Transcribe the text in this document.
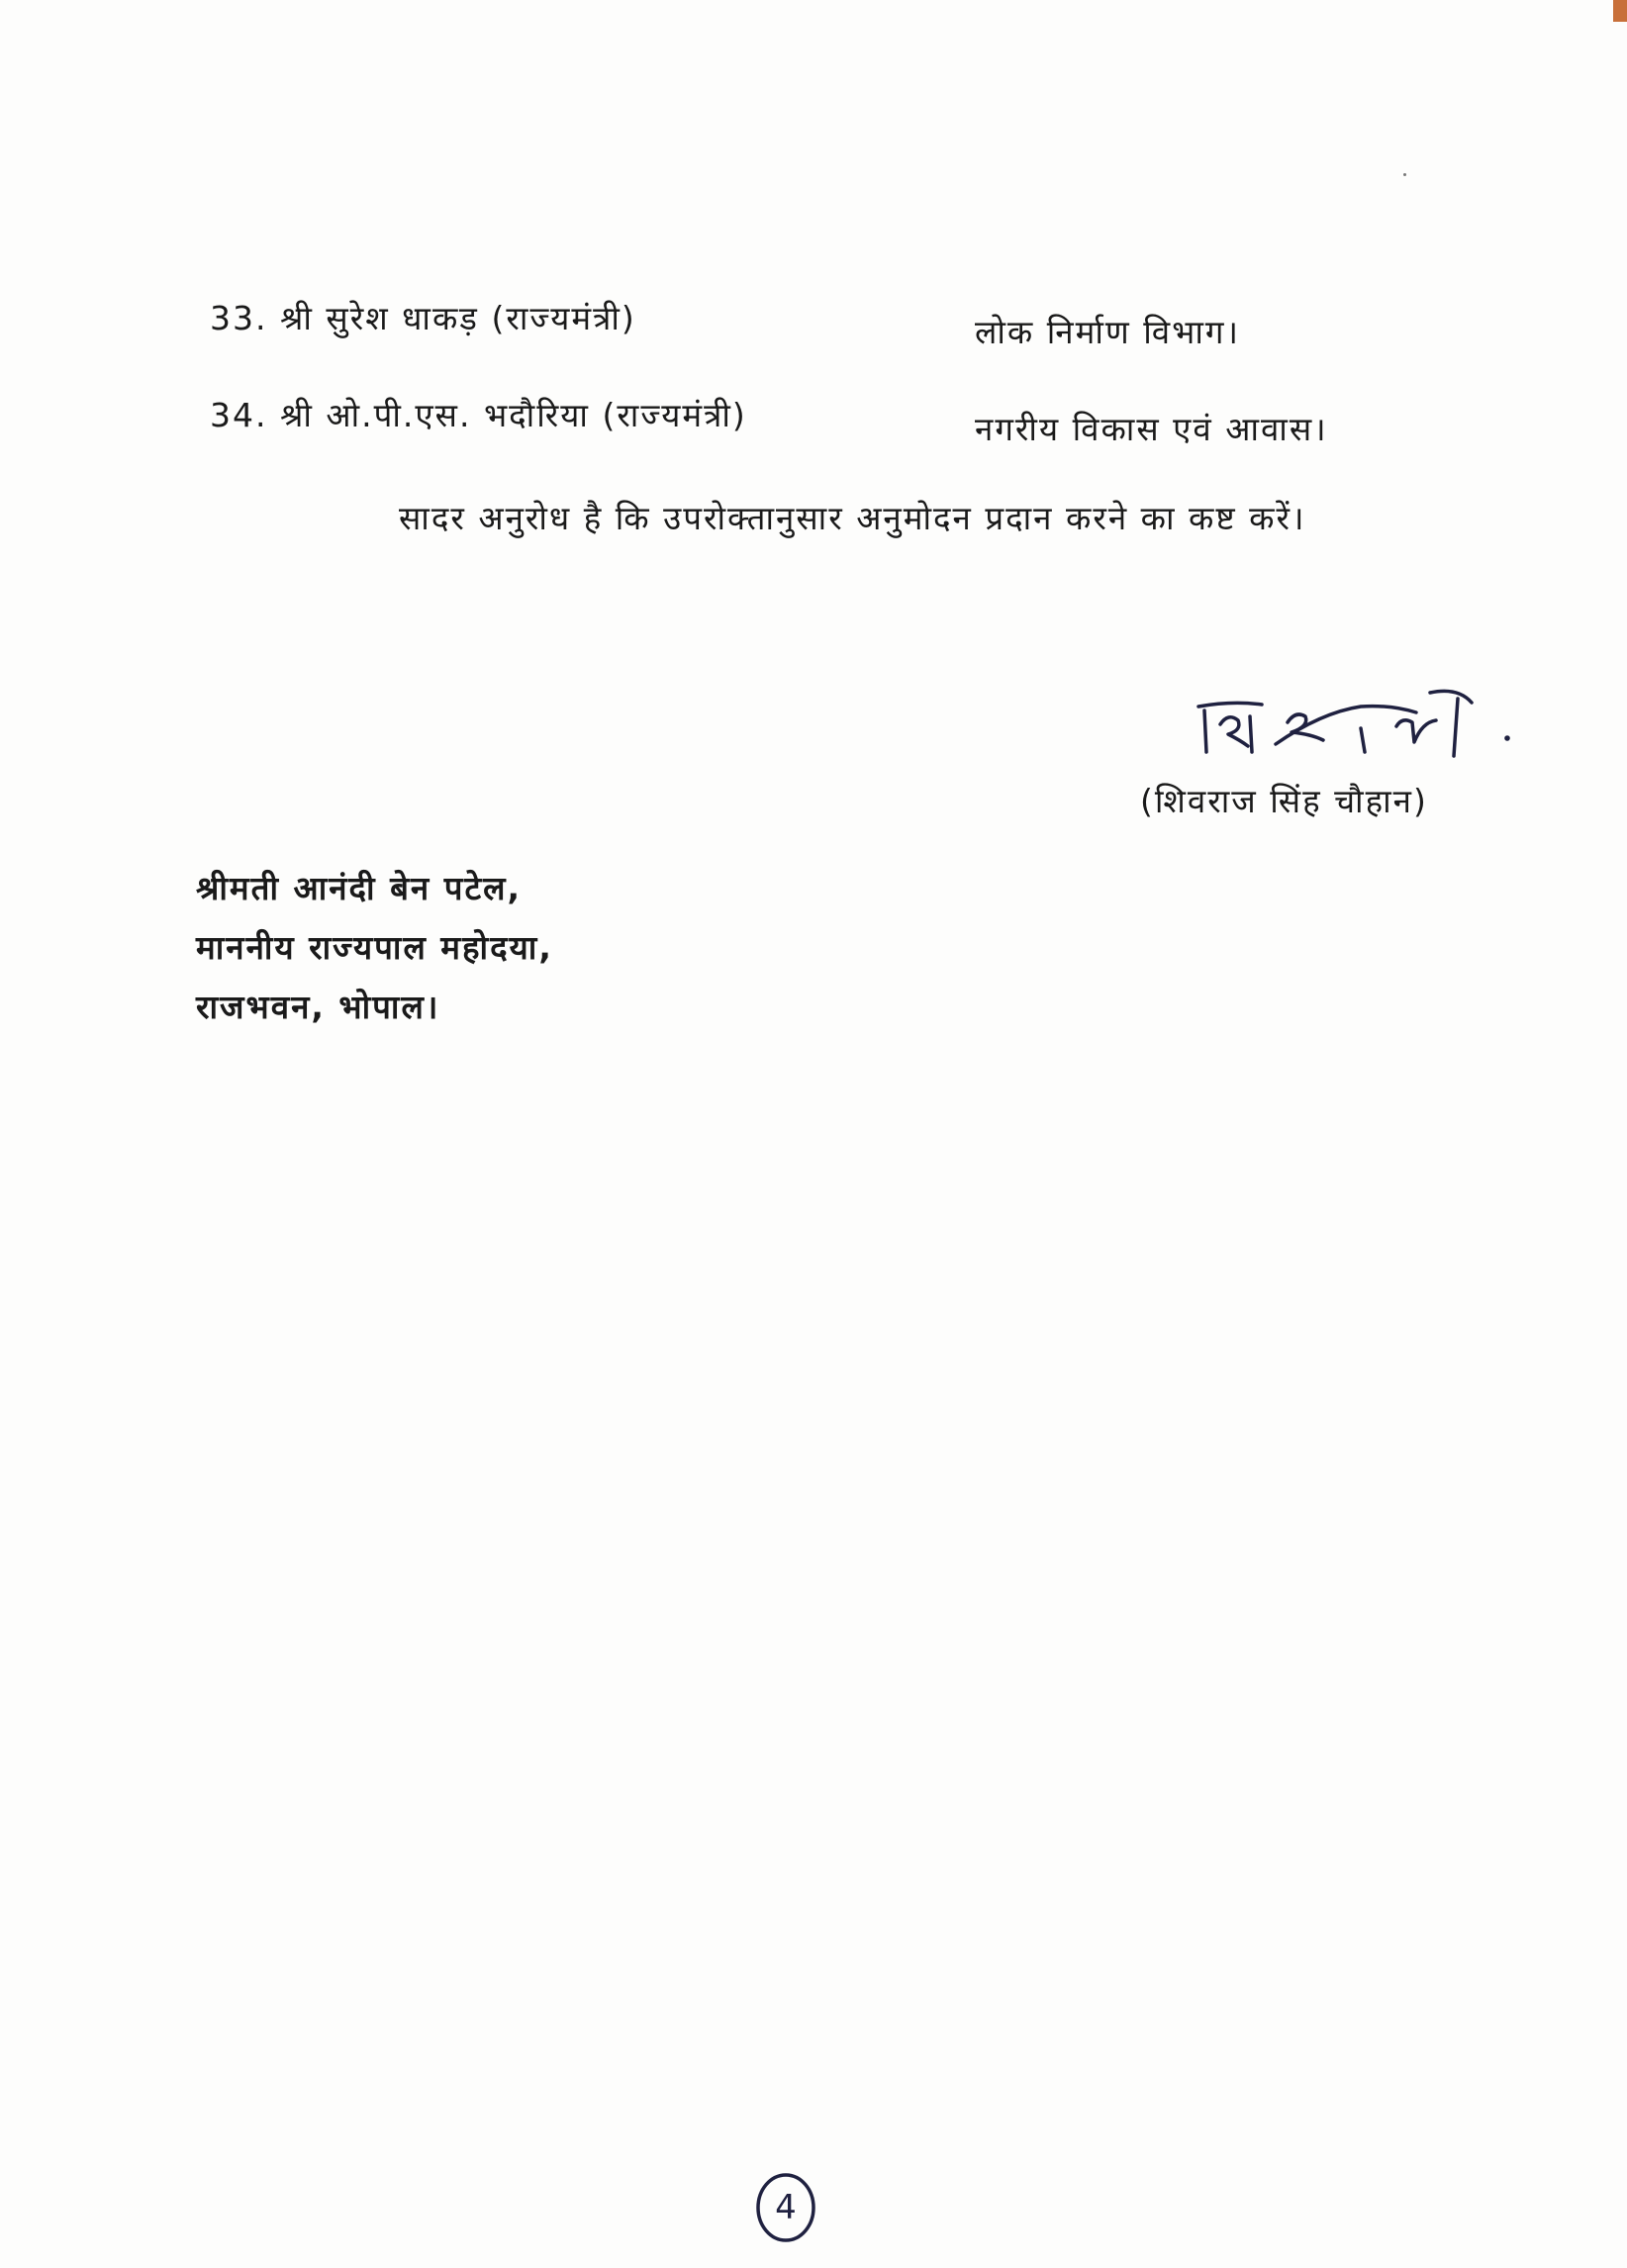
33. श्री सुरेश धाकड़ (राज्यमंत्री)	लोक निर्माण विभाग।
34. श्री ओ.पी.एस. भदौरिया (राज्यमंत्री)	नगरीय विकास एवं आवास।
सादर अनुरोध है कि उपरोक्तानुसार अनुमोदन प्रदान करने का कष्ट करें।
(शिवराज सिंह चौहान)
श्रीमती आनंदी बेन पटेल,
माननीय राज्यपाल महोदया,
राजभवन, भोपाल।
4
